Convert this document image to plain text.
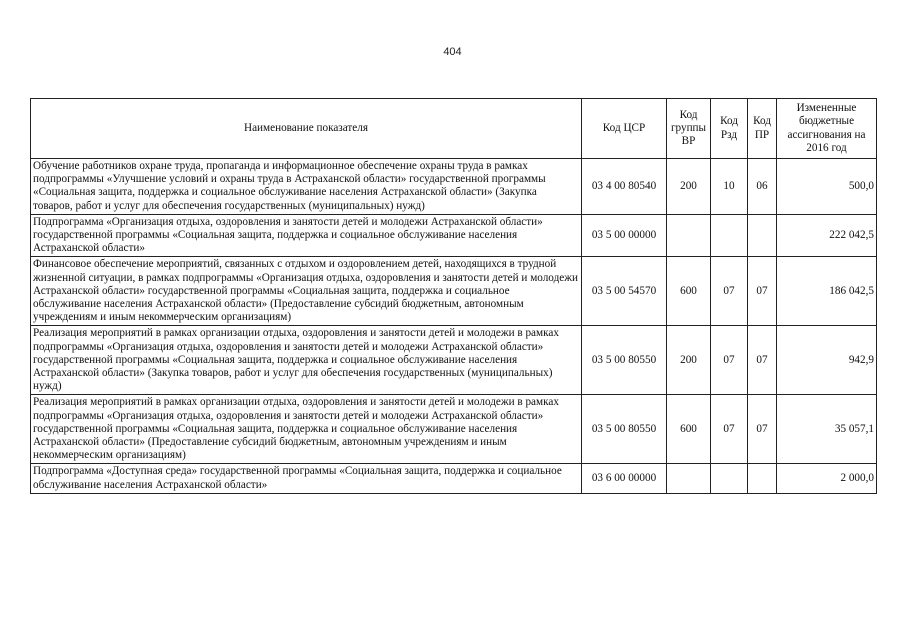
404
Наименование показателя	Код ЦСР	Код группы ВР	Код Рзд	Код ПР	Измененные бюджетные ассигнования на 2016 год
Обучение работников охране труда, пропаганда и информационное обеспечение охраны труда в рамках подпрограммы «Улучшение условий и охраны труда в Астраханской области» государственной программы «Социальная защита, поддержка и социальное обслуживание населения Астраханской области» (Закупка товаров, работ и услуг для обеспечения государственных (муниципальных) нужд)	03 4 00 80540	200	10	06	500,0
Подпрограмма «Организация отдыха, оздоровления и занятости детей и молодежи Астраханской области» государственной программы «Социальная защита, поддержка и социальное обслуживание населения Астраханской области»	03 5 00 00000				222 042,5
Финансовое обеспечение мероприятий, связанных с отдыхом и оздоровлением детей, находящихся в трудной жизненной ситуации, в рамках подпрограммы «Организация отдыха, оздоровления и занятости детей и молодежи Астраханской области» государственной программы «Социальная защита, поддержка и социальное обслуживание населения Астраханской области» (Предоставление субсидий бюджетным, автономным учреждениям и иным некоммерческим организациям)	03 5 00 54570	600	07	07	186 042,5
Реализация мероприятий в рамках организации отдыха, оздоровления и занятости детей и молодежи в рамках подпрограммы «Организация отдыха, оздоровления и занятости детей и молодежи Астраханской области» государственной программы «Социальная защита, поддержка и социальное обслуживание населения Астраханской области» (Закупка товаров, работ и услуг для обеспечения государственных (муниципальных) нужд)	03 5 00 80550	200	07	07	942,9
Реализация мероприятий в рамках организации отдыха, оздоровления и занятости детей и молодежи в рамках подпрограммы «Организация отдыха, оздоровления и занятости детей и молодежи Астраханской области» государственной программы «Социальная защита, поддержка и социальное обслуживание населения Астраханской области» (Предоставление субсидий бюджетным, автономным учреждениям и иным некоммерческим организациям)	03 5 00 80550	600	07	07	35 057,1
Подпрограмма «Доступная среда» государственной программы «Социальная защита, поддержка и социальное обслуживание населения Астраханской области»	03 6 00 00000				2 000,0
